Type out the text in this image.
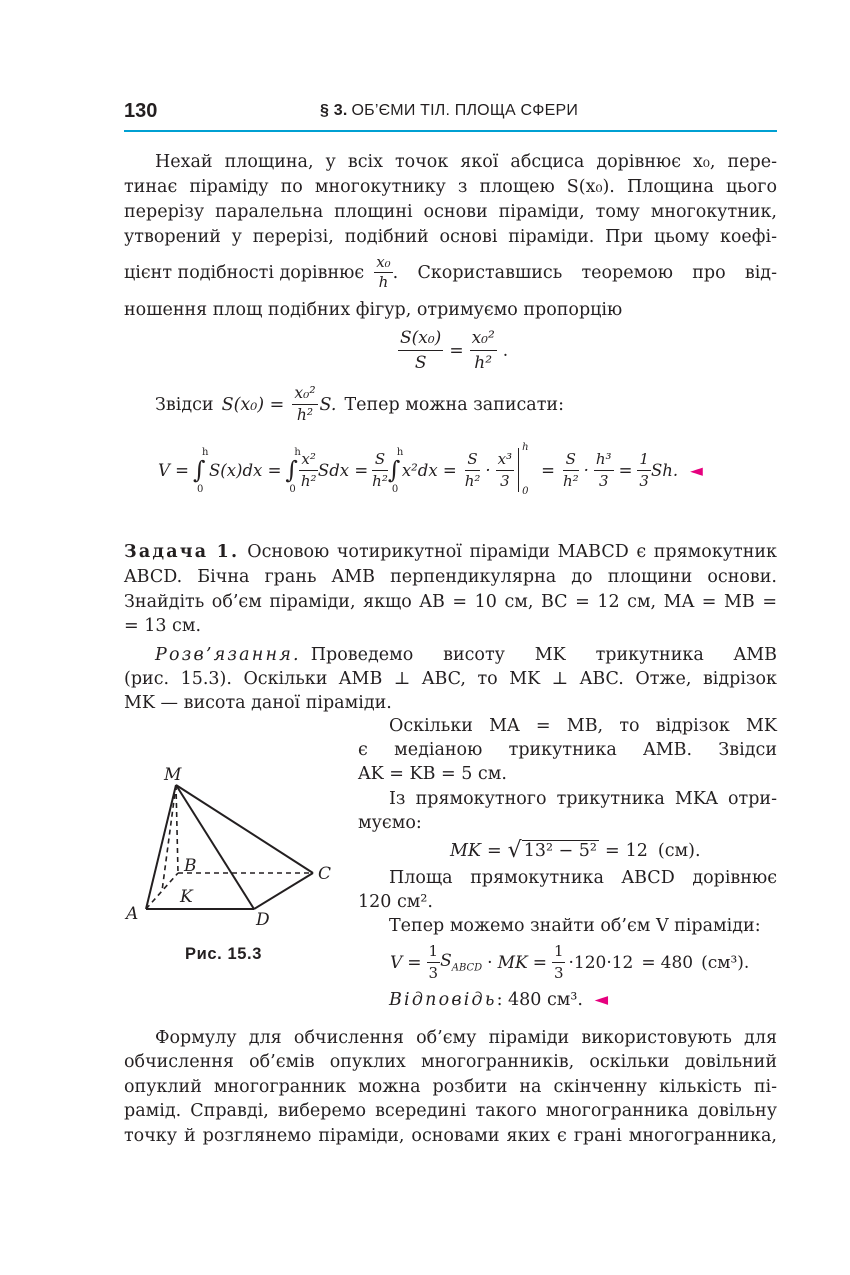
130	§ 3. ОБ’ЄМИ ТІЛ. ПЛОЩА СФЕРИ
Нехай площина, у всіх точок якої абсциса дорівнює x₀, пере-
тинає піраміду по многокутнику з площею S(x₀). Площина цього
перерізу паралельна площині основи піраміди, тому многокутник,
утворений у перерізі, подібний основі піраміди. При цьому коефі-
цієнт подібності дорівнює $\frac{\text{x₀}}{h}$ . Скориставшись теоремою про від-
ношення площ подібних фігур, отримуємо пропорцію
$\frac{\text{S(x₀)}}{S} = \frac{\text{x₀²}}{\text{h²}}$ .
Звідси $S(x_0) = \frac{\text{x₀²}}{\text{h²}} S$. Тепер можна записати:
V = ∫
h
0
S(x)dx = ∫
h
$0 \frac{\text{x²}}{\text{h²}}$ Sdx = $\frac{S}{\text{h²}}$ ∫
h
0
$x^2dx = \frac{S}{\text{h²}} \cdot \frac{\text{x³}}{3}$
h
0
= $\frac{S}{\text{h²}} \cdot \frac{\text{h³}}{3} = \frac{1}{3} Sh$. ◄
Задача 1. Основою чотирикутної піраміди MABCD є прямокутник
ABCD. Бічна грань AMB перпендикулярна до площини основи.
Знайдіть об’єм піраміди, якщо AB = 10 см, BC = 12 см, MA = MB =
= 13 см.
Розв’язання. Проведемо висоту MK трикутника AMB
(рис. 15.3). Оскільки AMB ⊥ ABC, то MK ⊥ ABC. Отже, відрізок
MK — висота даної піраміди.
M
A
B	C
D
K
Рис. 15.3
Оскільки MA = MB, то відрізок MK
є медіаною трикутника AMB. Звідси
AK = KB = 5 см.
Із прямокутного трикутника MKA отри-
муємо:
MK = √ 13² − 5² = 12 (см).
Площа прямокутника ABCD дорівнює
120 см².
Тепер можемо знайти об’єм V піраміди:
$V = \frac{1}{3} S_{ABCD}$ · MK = $\frac{1}{3} \cdot 120\cdot 12 = 480$ (см³).
Відповідь: 480 см³. ◄
Формулу для обчислення об’єму піраміди використовують для
обчислення об’ємів опуклих многогранників, оскільки довільний
опуклий многогранник можна розбити на скінченну кількість пі-
рамід. Справді, виберемо всередині такого многогранника довільну
точку й розглянемо піраміди, основами яких є грані многогранника,
